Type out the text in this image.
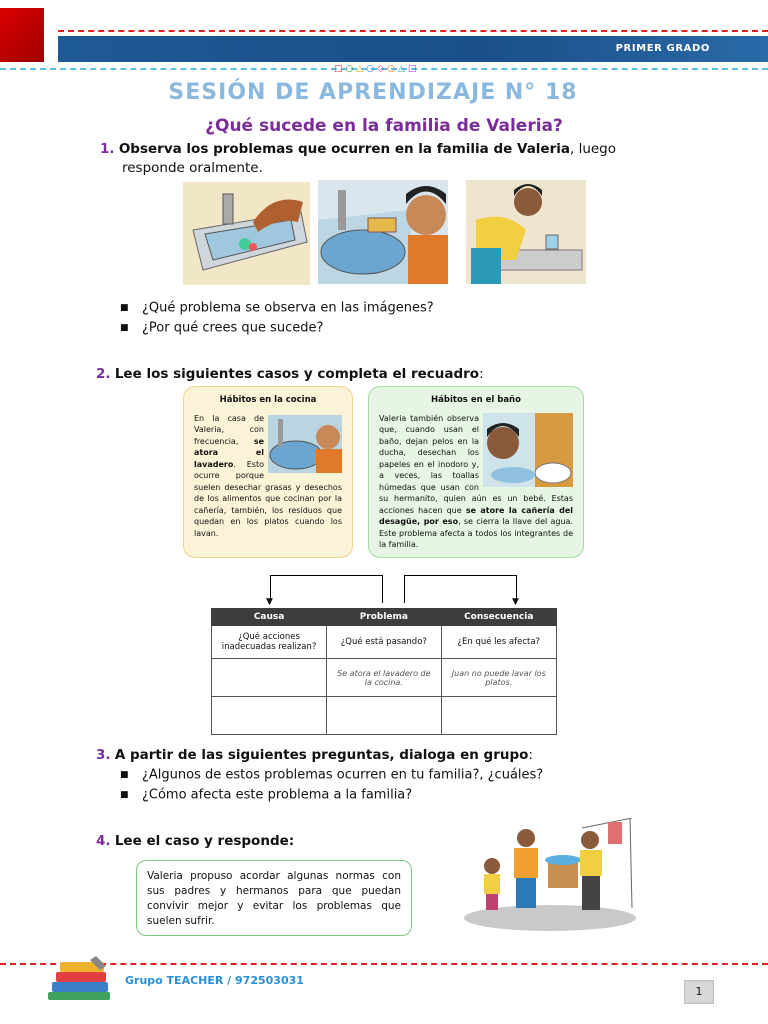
PRIMER GRADO
□ ○ △ ○ ◇ ○ △ □
SESIÓN DE APRENDIZAJE N° 18
¿Qué sucede en la familia de Valeria?
1. Observa los problemas que ocurren en la familia de Valeria, luego
responde oralmente.
■ ¿Qué problema se observa en las imágenes?
■ ¿Por qué crees que sucede?
2. Lee los siguientes casos y completa el recuadro:
Hábitos en la cocina
En la casa de Valeria, con frecuencia, se atora el lavadero. Esto ocurre porque suelen desechar grasas y desechos de los alimentos que cocinan por la cañería, también, los residuos que quedan en los platos cuando los lavan.
Hábitos en el baño
Valeria también observa que, cuando usan el baño, dejan pelos en la ducha, desechan los papeles en el inodoro y, a veces, las toallas húmedas que usan con su hermanito, quien aún es un bebé. Estas acciones hacen que se atore la cañería del desagüe, por eso, se cierra la llave del agua. Este problema afecta a todos los integrantes de la familia.
▼	▼
Causa	Problema	Consecuencia
¿Qué acciones inadecuadas realizan?	¿Qué está pasando?	¿En qué les afecta?
	Se atora el lavadero de la cocina.	Juan no puede lavar los platos.

3. A partir de las siguientes preguntas, dialoga en grupo:
■ ¿Algunos de estos problemas ocurren en tu familia?, ¿cuáles?
■ ¿Cómo afecta este problema a la familia?
4. Lee el caso y responde:
Valeria propuso acordar algunas normas con sus padres y hermanos para que puedan convivir mejor y evitar los problemas que suelen sufrir.
Grupo TEACHER / 972503031
1
